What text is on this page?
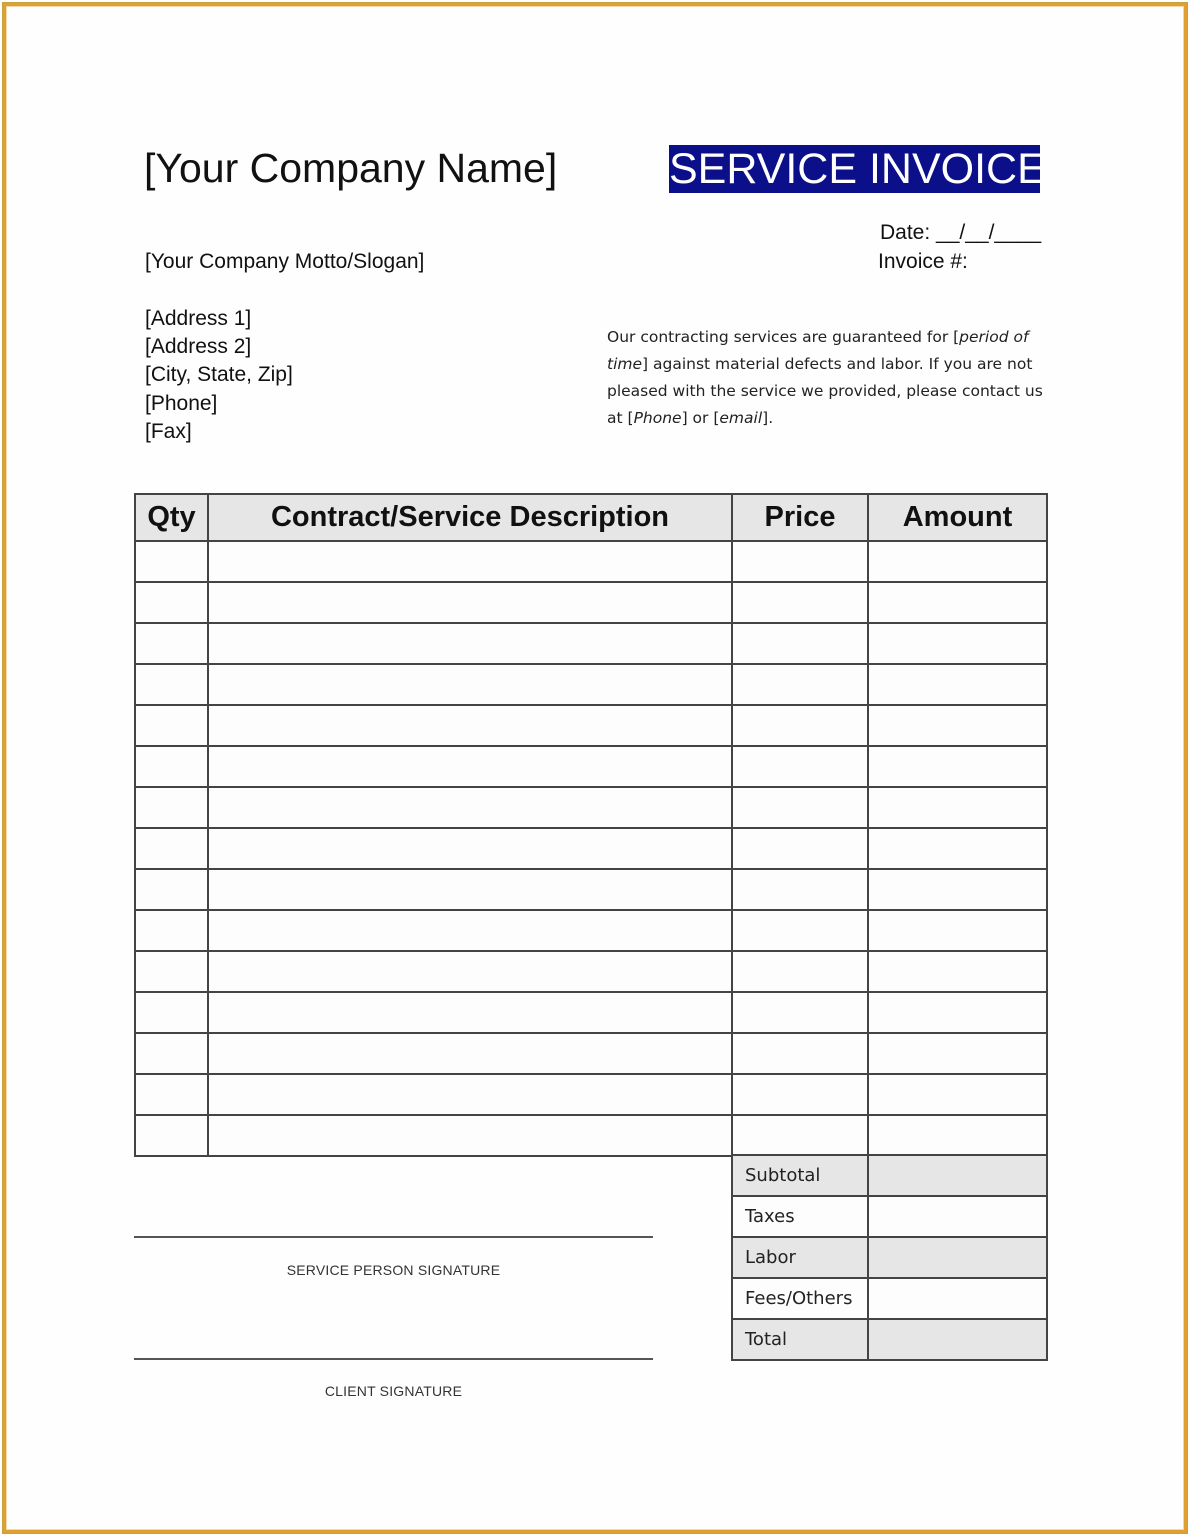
[Your Company Name]	SERVICE INVOICE
[Your Company Motto/Slogan]
Date: __/__/____
Invoice #:
[Address 1]
[Address 2]
[City, State, Zip]
[Phone]
[Fax]
Our contracting services are guaranteed for [period of time] against material defects and labor. If you are not pleased with the service we provided, please contact us at [Phone] or [email].
Qty	Contract/Service Description	Price	Amount

Subtotal	
Taxes	
Labor	
Fees/Others	
Total	
SERVICE PERSON SIGNATURE
CLIENT SIGNATURE
